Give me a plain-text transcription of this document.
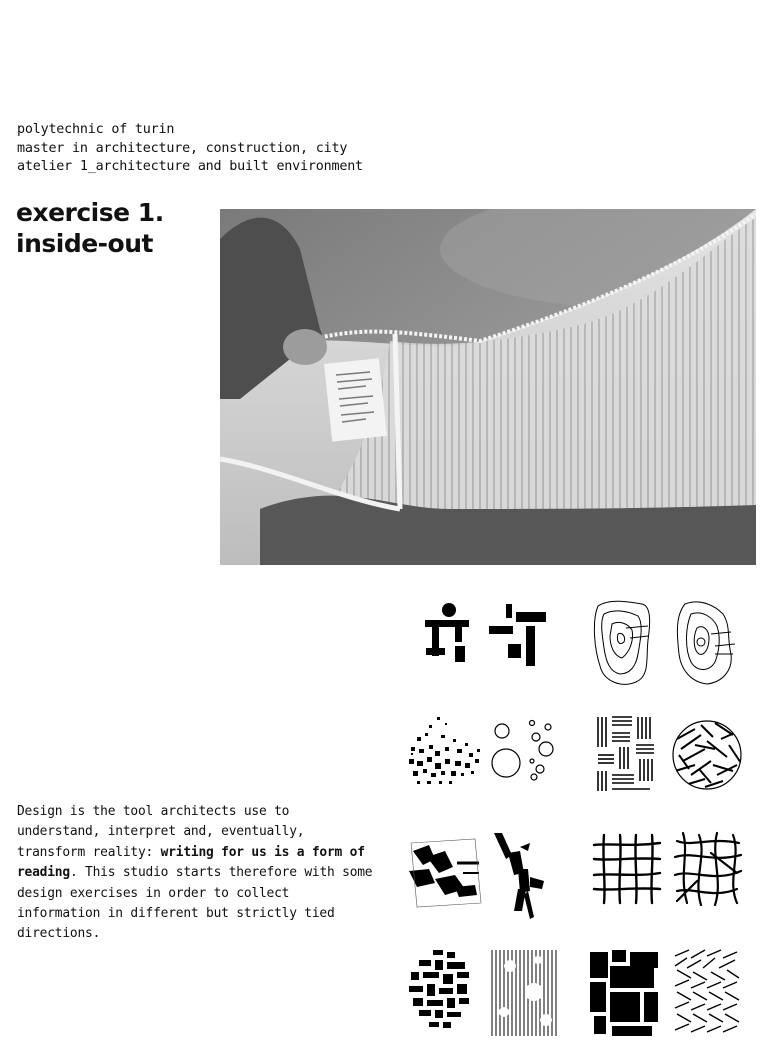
polytechnic of turin
master in architecture, construction, city
atelier 1_architecture and built environment
exercise 1.
inside-out
Design is the tool architects use to understand, interpret and, eventually, transform reality: writing for us is a form of reading. This studio starts therefore with some design exercises in order to collect information in different but strictly tied directions.
